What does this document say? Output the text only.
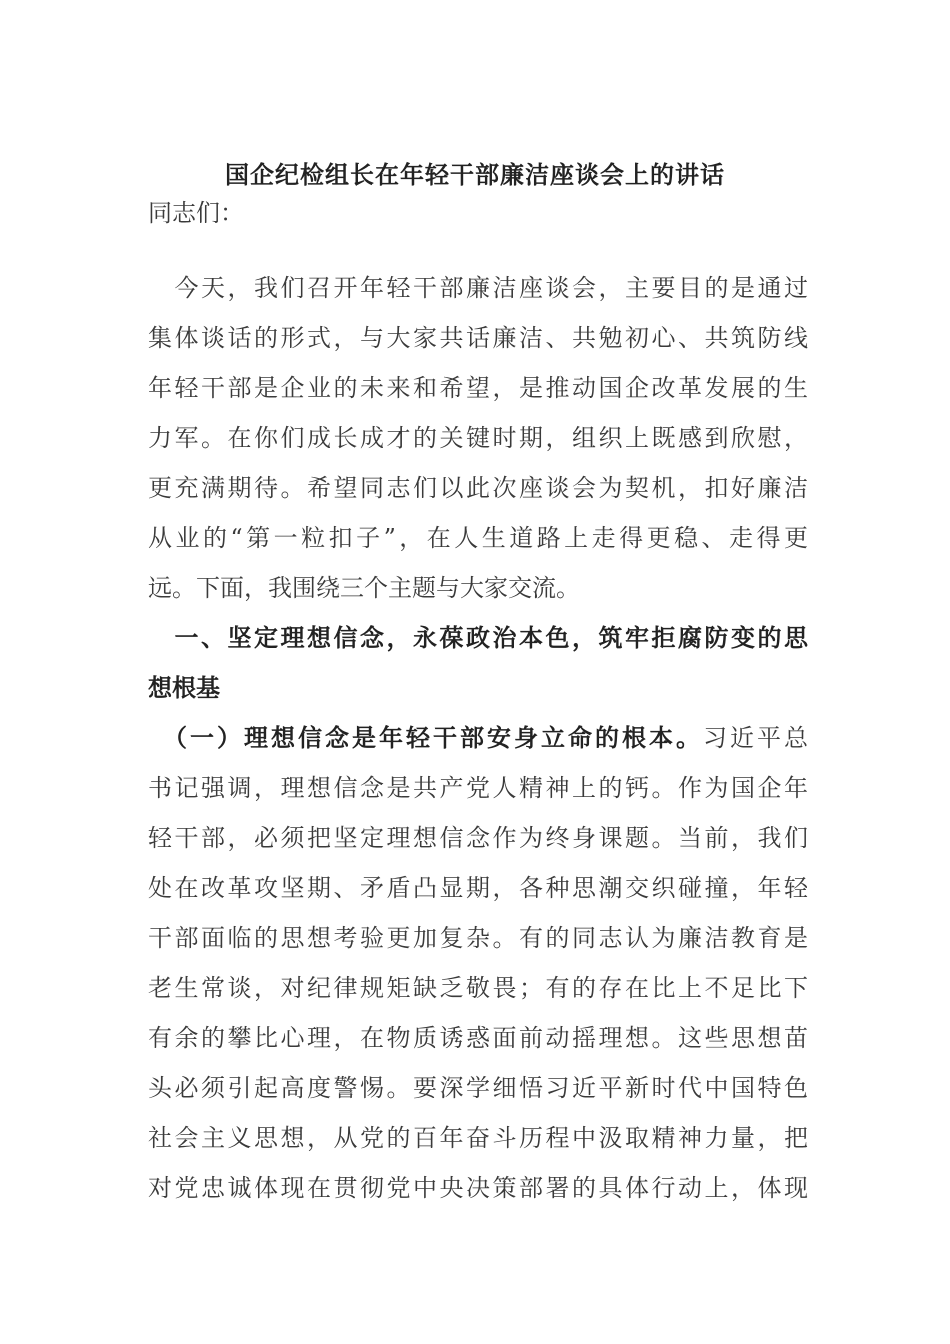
国企纪检组长在年轻干部廉洁座谈会上的讲话
同志们：
　今天，我们召开年轻干部廉洁座谈会，主要目的是通过
集体谈话的形式，与大家共话廉洁、共勉初心、共筑防线
年轻干部是企业的未来和希望，是推动国企改革发展的生
力军。在你们成长成才的关键时期，组织上既感到欣慰，
更充满期待。希望同志们以此次座谈会为契机，扣好廉洁
从业的“第一粒扣子”，在人生道路上走得更稳、走得更
远。下面，我围绕三个主题与大家交流。
　一、坚定理想信念，永葆政治本色，筑牢拒腐防变的思
想根基
　（一）理想信念是年轻干部安身立命的根本。习近平总
书记强调，理想信念是共产党人精神上的钙。作为国企年
轻干部，必须把坚定理想信念作为终身课题。当前，我们
处在改革攻坚期、矛盾凸显期，各种思潮交织碰撞，年轻
干部面临的思想考验更加复杂。有的同志认为廉洁教育是
老生常谈，对纪律规矩缺乏敬畏；有的存在比上不足比下
有余的攀比心理，在物质诱惑面前动摇理想。这些思想苗
头必须引起高度警惕。要深学细悟习近平新时代中国特色
社会主义思想，从党的百年奋斗历程中汲取精神力量，把
对党忠诚体现在贯彻党中央决策部署的具体行动上，体现
